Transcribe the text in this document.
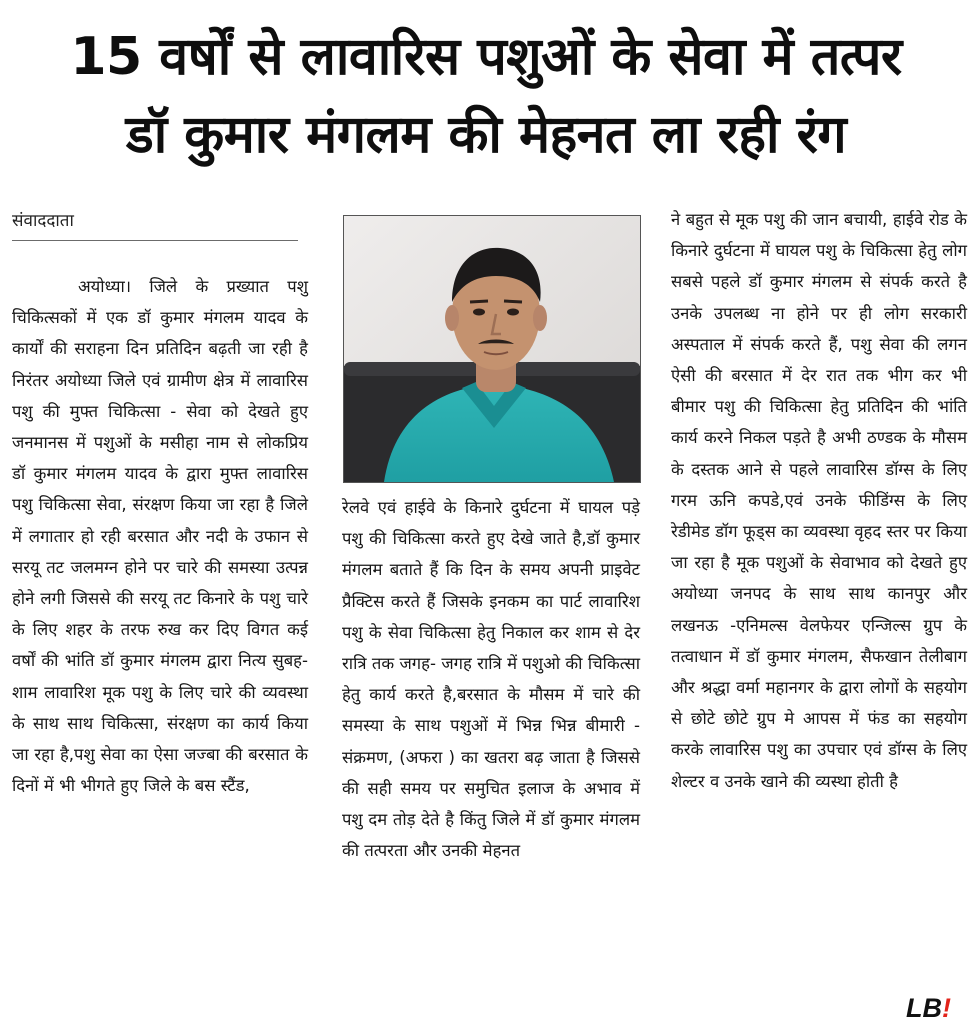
15 वर्षों से लावारिस पशुओं के सेवा में तत्पर
डॉ कुमार मंगलम की मेहनत ला रही रंग
संवाददाता

अयोध्या। जिले के प्रख्यात पशु चिकित्सकों में एक डॉ कुमार मंगलम यादव के कार्यों की सराहना दिन प्रतिदिन बढ़ती जा रही है निरंतर अयोध्या जिले एवं ग्रामीण क्षेत्र में लावारिस पशु की मुफ्त चिकित्सा - सेवा को देखते हुए जनमानस में पशुओं के मसीहा नाम से लोकप्रिय डॉ कुमार मंगलम यादव के द्वारा मुफ्त लावारिस पशु चिकित्सा सेवा, संरक्षण किया जा रहा है जिले में लगातार हो रही बरसात और नदी के उफान से सरयू तट जलमग्न होने पर चारे की समस्या उत्पन्न होने लगी जिससे की सरयू तट किनारे के पशु चारे के लिए शहर के तरफ रुख कर दिए विगत कई वर्षों की भांति डॉ कुमार मंगलम द्वारा नित्य सुबह- शाम लावारिश मूक पशु के लिए चारे की व्यवस्था के साथ साथ चिकित्सा, संरक्षण का कार्य किया जा रहा है,पशु सेवा का ऐसा जज्बा की बरसात के दिनों में भी भीगते हुए जिले के बस स्टैंड,

रेलवे एवं हाईवे के किनारे दुर्घटना में घायल पड़े पशु की चिकित्सा करते हुए देखे जाते है,डॉ कुमार मंगलम बताते हैं कि दिन के समय अपनी प्राइवेट प्रैक्टिस करते हैं जिसके इनकम का पार्ट लावारिश पशु के सेवा चिकित्सा हेतु निकाल कर शाम से देर रात्रि तक जगह- जगह रात्रि में पशुओ की चिकित्सा हेतु कार्य करते है,बरसात के मौसम में चारे की समस्या के साथ पशुओं में भिन्न भिन्न बीमारी - संक्रमण, (अफरा ) का खतरा बढ़ जाता है जिससे की सही समय पर समुचित इलाज के अभाव में पशु दम तोड़ देते है किंतु जिले में डॉ कुमार मंगलम की तत्परता और उनकी मेहनत

ने बहुत से मूक पशु की जान बचायी, हाईवे रोड के किनारे दुर्घटना में घायल पशु के चिकित्सा हेतु लोग सबसे पहले डॉ कुमार मंगलम से संपर्क करते है उनके उपलब्ध ना होने पर ही लोग सरकारी अस्पताल में संपर्क करते हैं, पशु सेवा की लगन ऐसी की बरसात में देर रात तक भीग कर भी बीमार पशु की चिकित्सा हेतु प्रतिदिन की भांति कार्य करने निकल पड़ते है अभी ठण्डक के मौसम के दस्तक आने से पहले लावारिस डॉग्स के लिए गरम ऊनि कपडे,एवं उनके फीडिंग्स के लिए रेडीमेड डॉग फूड्स का व्यवस्था वृहद स्तर पर किया जा रहा है मूक पशुओं के सेवाभाव को देखते हुए अयोध्या जनपद के साथ साथ कानपुर और लखनऊ -एनिमल्स वेलफेयर एन्जिल्स ग्रुप के तत्वाधान में डॉ कुमार मंगलम, सैफखान तेलीबाग और श्रद्धा वर्मा महानगर के द्वारा लोगों के सहयोग से छोटे छोटे ग्रुप मे आपस में फंड का सहयोग करके लावारिस पशु का उपचार एवं डॉग्स के लिए शेल्टर व उनके खाने की व्यस्था होती है

LB!
